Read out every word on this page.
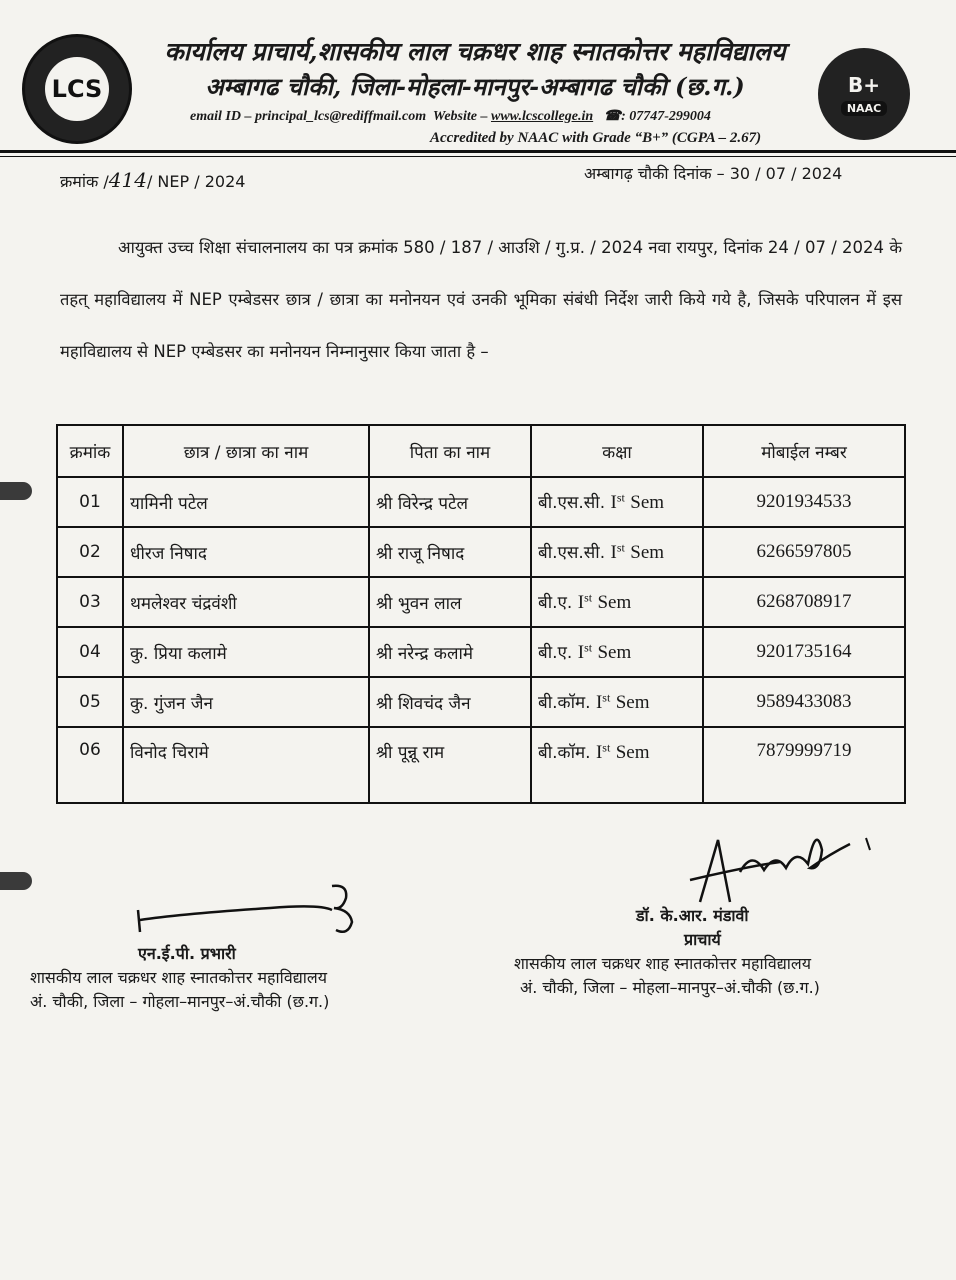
LCS	B+
NAAC
कार्यालय प्राचार्य,शासकीय लाल चक्रधर शाह स्नातकोत्तर महाविद्यालय
अम्बागढ चौकी, जिला-मोहला-मानपुर-अम्बागढ चौकी (छ.ग.)
email ID – principal_lcs@rediffmail.com Website – www.lcscollege.in ☎: 07747-299004
Accredited by NAAC with Grade “B+” (CGPA – 2.67)
क्रमांक /414/ NEP / 2024	अम्बागढ़ चौकी दिनांक – 30 / 07 / 2024
आयुक्त उच्च शिक्षा संचालनालय का पत्र क्रमांक 580 / 187 / आउशि / गु.प्र. / 2024 नवा रायपुर, दिनांक 24 / 07 / 2024 के तहत् महाविद्यालय में NEP एम्बेडसर छात्र / छात्रा का मनोनयन एवं उनकी भूमिका संबंधी निर्देश जारी किये गये है, जिसके परिपालन में इस महाविद्यालय से NEP एम्बेडसर का मनोनयन निम्नानुसार किया जाता है –
क्रमांक	छात्र / छात्रा का नाम	पिता का नाम	कक्षा	मोबाईल नम्बर
01	यामिनी पटेल	श्री विरेन्द्र पटेल	बी.एस.सी. Ist Sem	9201934533
02	धीरज निषाद	श्री राजू निषाद	बी.एस.सी. Ist Sem	6266597805
03	थमलेश्वर चंद्रवंशी	श्री भुवन लाल	बी.ए. Ist Sem	6268708917
04	कु. प्रिया कलामे	श्री नरेन्द्र कलामे	बी.ए. Ist Sem	9201735164
05	कु. गुंजन जैन	श्री शिवचंद जैन	बी.कॉम. Ist Sem	9589433083
06	विनोद चिरामे	श्री पून्नू राम	बी.कॉम. Ist Sem	7879999719
एन.ई.पी. प्रभारी
शासकीय लाल चक्रधर शाह स्नातकोत्तर महाविद्यालय
अं. चौकी, जिला – गोहला–मानपुर–अं.चौकी (छ.ग.)
डॉ. के.आर. मंडावी
प्राचार्य
शासकीय लाल चक्रधर शाह स्नातकोत्तर महाविद्यालय
अं. चौकी, जिला – मोहला–मानपुर–अं.चौकी (छ.ग.)
